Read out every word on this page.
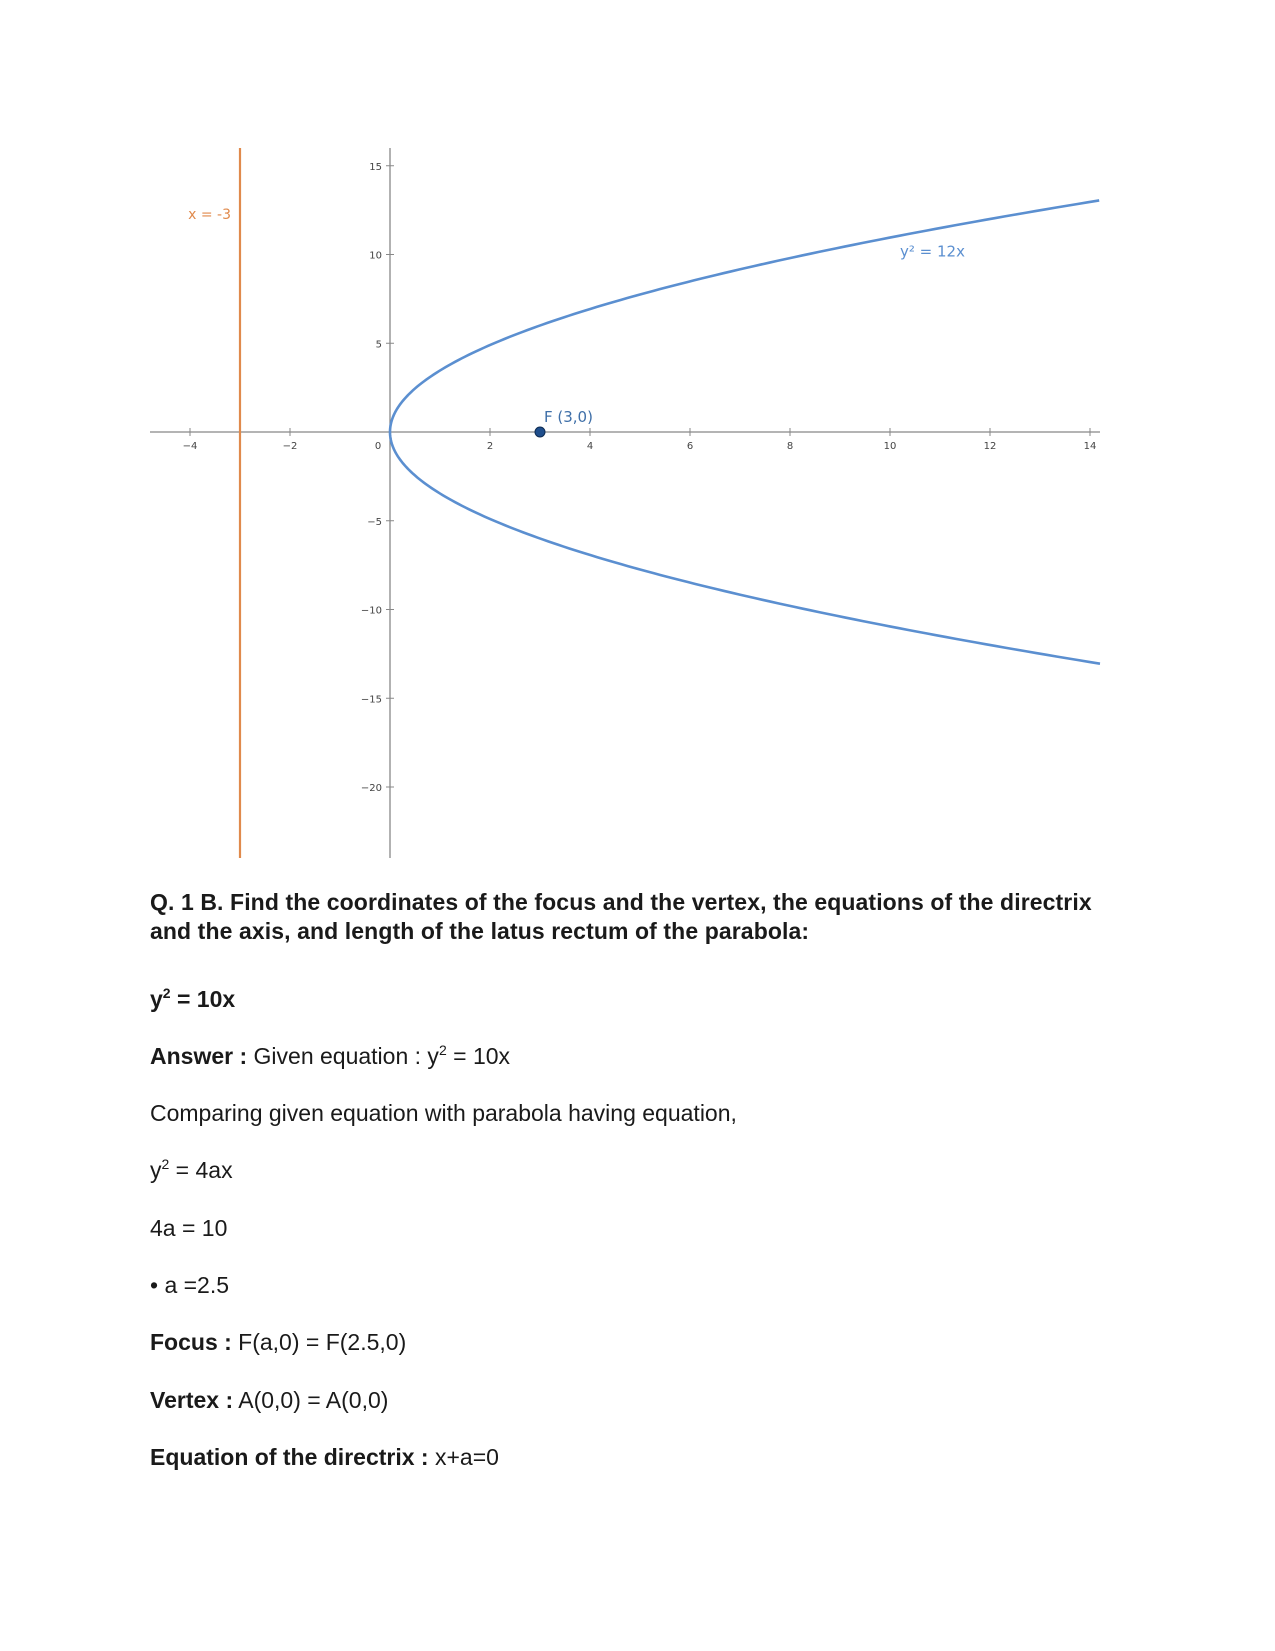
−4	−2	0	2	4	6	8	10	12	14
15
10
5
−5
−10
−15
−20
x = -3
y² = 12x
F (3,0)
Q. 1 B. Find the coordinates of the focus and the vertex, the equations of the directrix and the axis, and length of the latus rectum of the parabola:
$y^2 = 10x$
Answer : Given equation : $y^2 = 10x$
Comparing given equation with parabola having equation,
$y^2 = 4ax$
4a = 10
• a =2.5
Focus : F(a,0) = F(2.5,0)
Vertex : A(0,0) = A(0,0)
Equation of the directrix : x+a=0
